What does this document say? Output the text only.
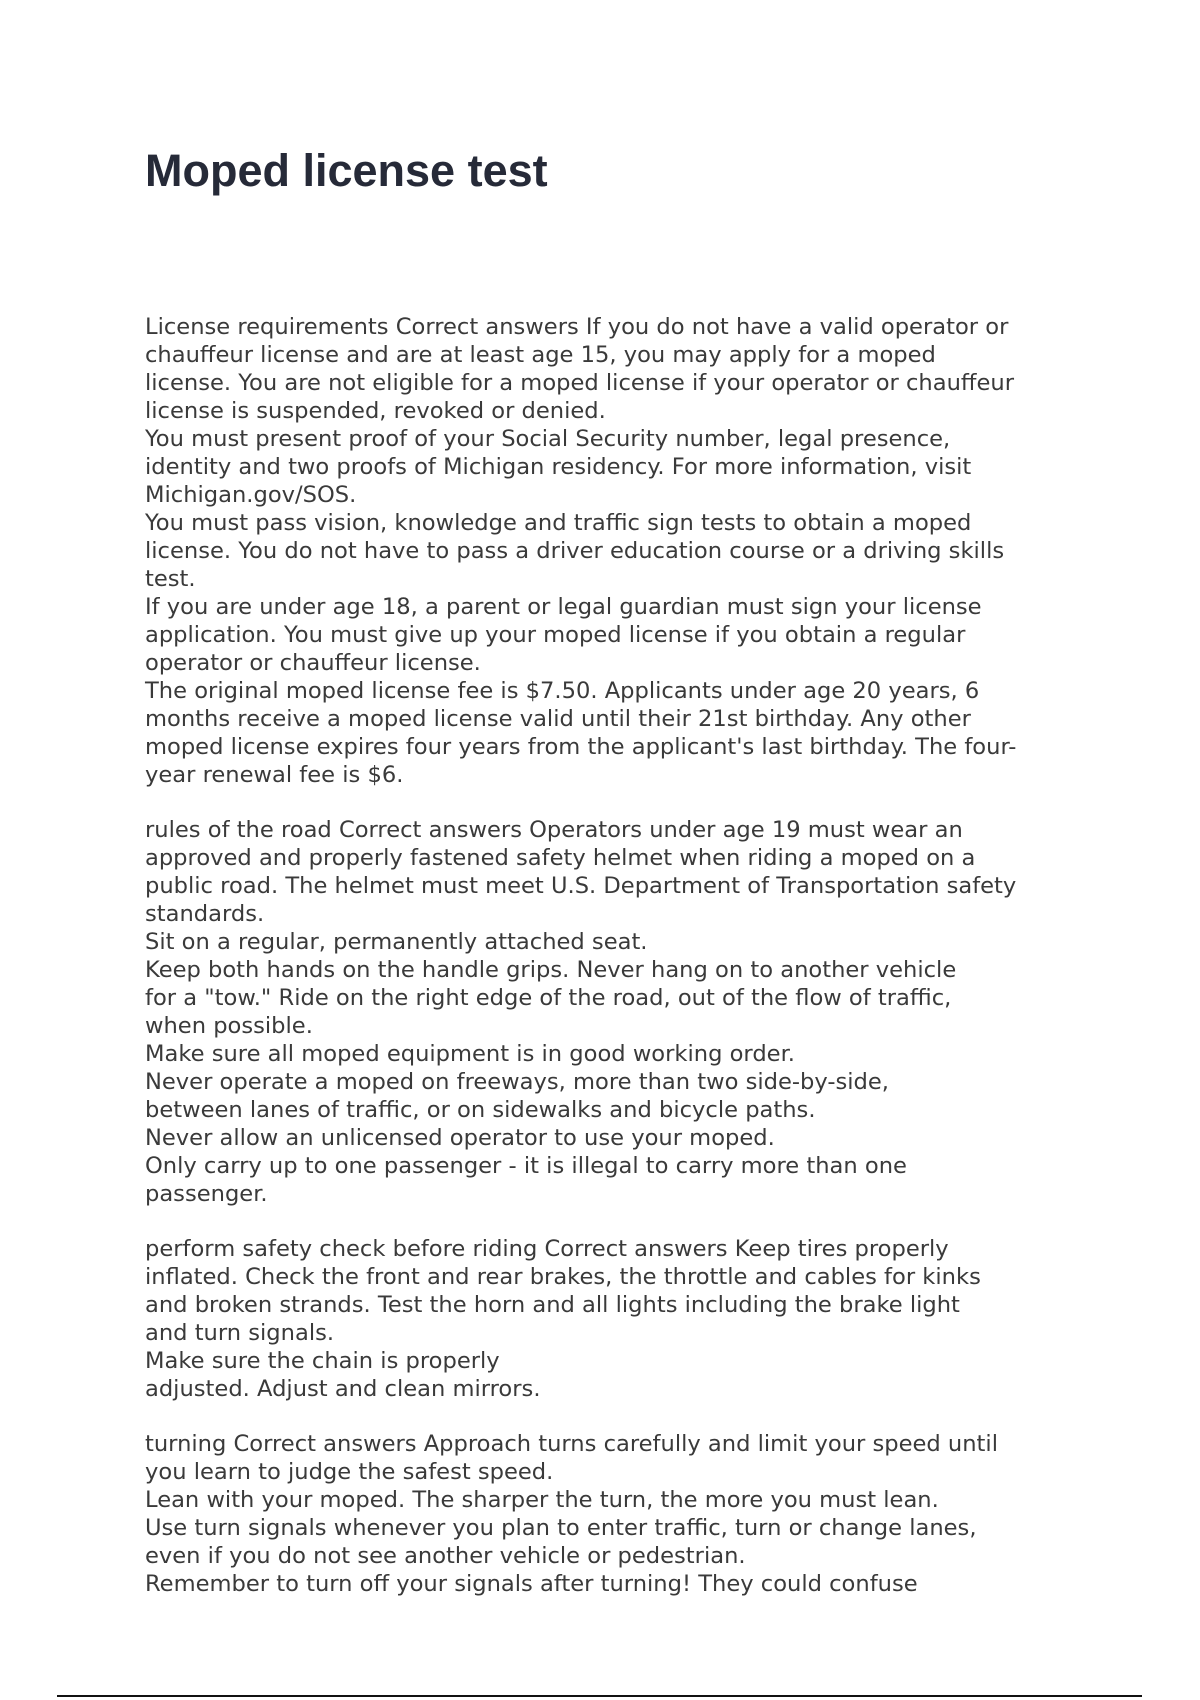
Moped license test

License requirements Correct answers If you do not have a valid operator or
chauffeur license and are at least age 15, you may apply for a moped
license. You are not eligible for a moped license if your operator or chauffeur
license is suspended, revoked or denied.
You must present proof of your Social Security number, legal presence,
identity and two proofs of Michigan residency. For more information, visit
Michigan.gov/SOS.
You must pass vision, knowledge and traffic sign tests to obtain a moped
license. You do not have to pass a driver education course or a driving skills
test.
If you are under age 18, a parent or legal guardian must sign your license
application. You must give up your moped license if you obtain a regular
operator or chauffeur license.
The original moped license fee is $7.50. Applicants under age 20 years, 6
months receive a moped license valid until their 21st birthday. Any other
moped license expires four years from the applicant's last birthday. The four-
year renewal fee is $6.

rules of the road Correct answers Operators under age 19 must wear an
approved and properly fastened safety helmet when riding a moped on a
public road. The helmet must meet U.S. Department of Transportation safety
standards.
Sit on a regular, permanently attached seat.
Keep both hands on the handle grips. Never hang on to another vehicle
for a "tow." Ride on the right edge of the road, out of the flow of traffic,
when possible.
Make sure all moped equipment is in good working order.
Never operate a moped on freeways, more than two side-by-side,
between lanes of traffic, or on sidewalks and bicycle paths.
Never allow an unlicensed operator to use your moped.
Only carry up to one passenger - it is illegal to carry more than one
passenger.

perform safety check before riding Correct answers Keep tires properly
inflated. Check the front and rear brakes, the throttle and cables for kinks
and broken strands. Test the horn and all lights including the brake light
and turn signals.
Make sure the chain is properly
adjusted. Adjust and clean mirrors.

turning Correct answers Approach turns carefully and limit your speed until
you learn to judge the safest speed.
Lean with your moped. The sharper the turn, the more you must lean.
Use turn signals whenever you plan to enter traffic, turn or change lanes,
even if you do not see another vehicle or pedestrian.
Remember to turn off your signals after turning! They could confuse
